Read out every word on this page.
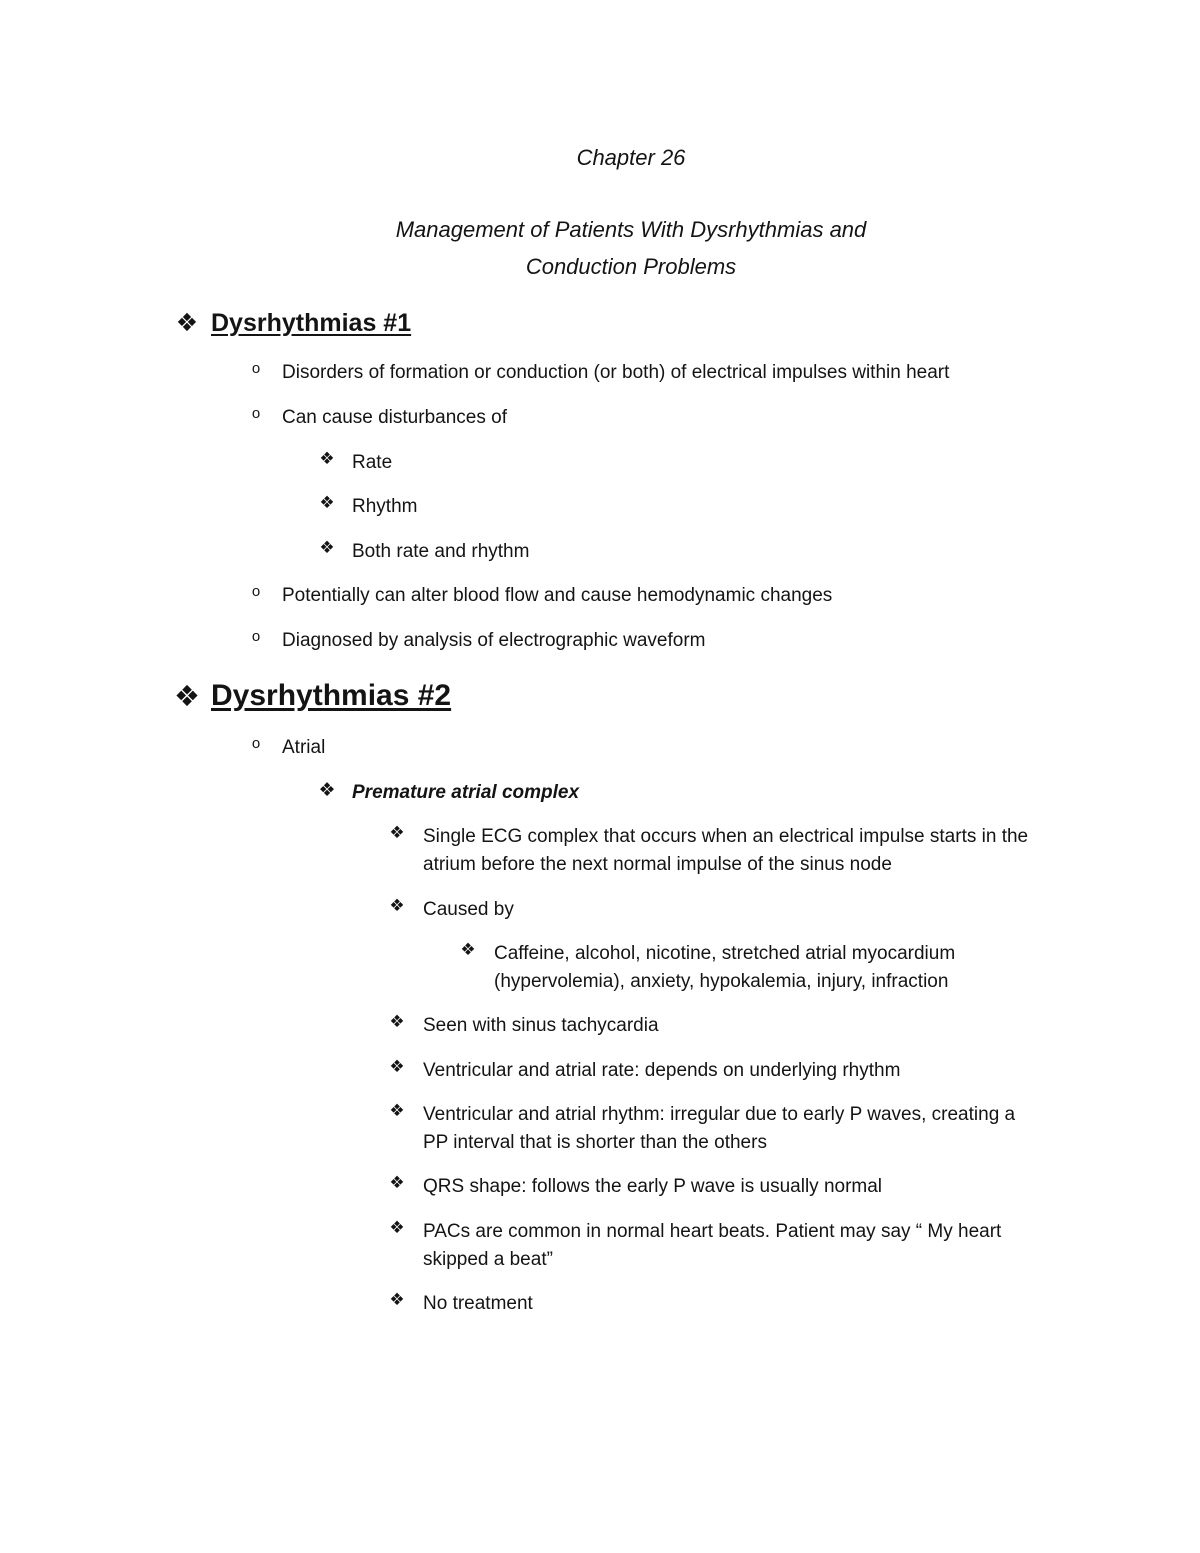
Chapter 26
Management of Patients With Dysrhythmias and
Conduction Problems
❖ Dysrhythmias #1
o	Disorders of formation or conduction (or both) of electrical impulses within heart
o	Can cause disturbances of
❖ Rate
❖ Rhythm
❖ Both rate and rhythm
o	Potentially can alter blood flow and cause hemodynamic changes
o	Diagnosed by analysis of electrographic waveform
❖ Dysrhythmias #2
o	Atrial
❖ Premature atrial complex
❖ Single ECG complex that occurs when an electrical impulse starts in the
atrium before the next normal impulse of the sinus node
❖ Caused by
❖ Caffeine, alcohol, nicotine, stretched atrial myocardium
(hypervolemia), anxiety, hypokalemia, injury, infraction
❖ Seen with sinus tachycardia
❖ Ventricular and atrial rate: depends on underlying rhythm
❖ Ventricular and atrial rhythm: irregular due to early P waves, creating a
PP interval that is shorter than the others
❖ QRS shape: follows the early P wave is usually normal
❖ PACs are common in normal heart beats. Patient may say “ My heart
skipped a beat”
❖ No treatment
